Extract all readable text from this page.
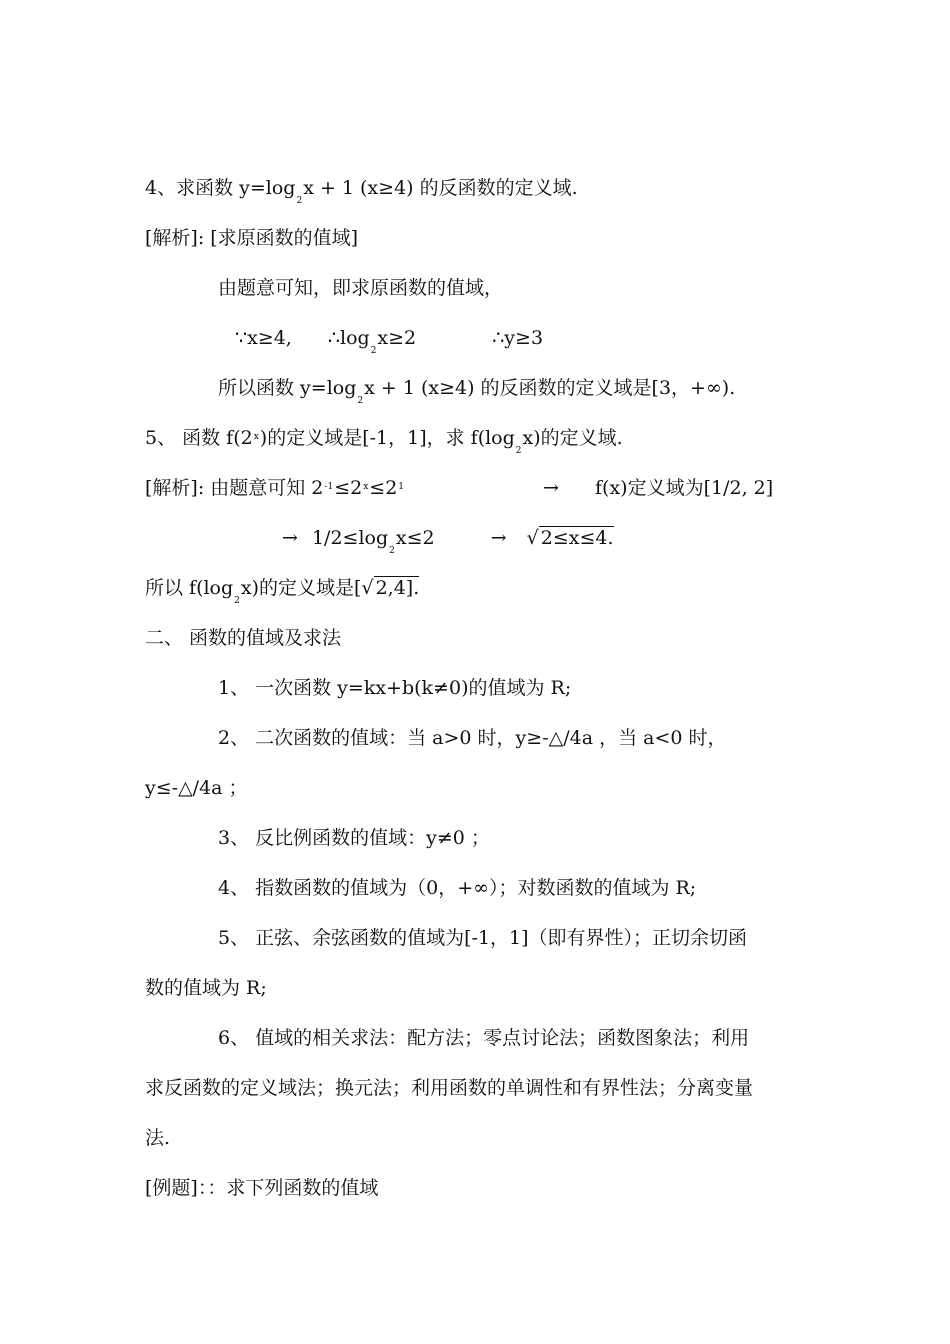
4、求函数 $y=\log_2x + 1$ (x≥4) 的反函数的定义域.
[解析]: [求原函数的值域]
由题意可知，即求原函数的值域，
∵x≥4, $\therefore\log_2x\ge 2$	∴y≥3
所以函数 $y=\log_2x + 1$ (x≥4) 的反函数的定义域是[3，+∞).
5、 函数 f(2$^x$)的定义域是[-1，1]，求 $f(\log_2x)$的定义域.
[解析]: 由题意可知 $2^{-1}\le 2^x\le 2^1$	→ f(x)定义域为[1/2, 2]
→ $1/2\le\log_2x\le 2$	→ √ 2≤x≤4.
所以 $f(\log_2x)$的定义域是[√ 2,4].
二、 函数的值域及求法
1、 一次函数 y=kx+b(k≠0)的值域为 R;
2、 二次函数的值域：当 a>0 时，y≥-△/4a ，当 a<0 时，
y≤-△/4a ；
3、 反比例函数的值域：y≠0 ；
4、 指数函数的值域为（0，+∞）；对数函数的值域为 R;
5、 正弦、余弦函数的值域为[-1，1]（即有界性）；正切余切函
数的值域为 R;
6、 值域的相关求法：配方法；零点讨论法；函数图象法；利用
求反函数的定义域法；换元法；利用函数的单调性和有界性法；分离变量
法.
[例题]：：求下列函数的值域
